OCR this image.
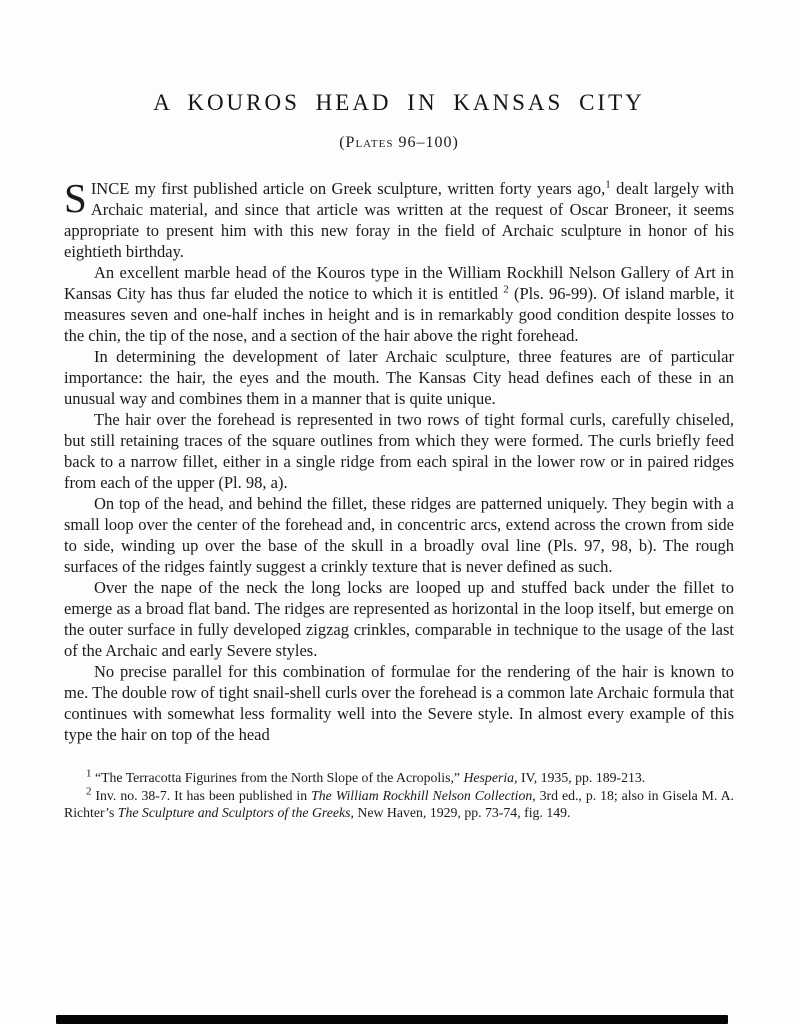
A KOUROS HEAD IN KANSAS CITY
(Plates 96–100)

SINCE my first published article on Greek sculpture, written forty years ago,$^1$ dealt largely with Archaic material, and since that article was written at the request of Oscar Broneer, it seems appropriate to present him with this new foray in the field of Archaic sculpture in honor of his eightieth birthday.

An excellent marble head of the Kouros type in the William Rockhill Nelson Gallery of Art in Kansas City has thus far eluded the notice to which it is entitled $^2$ (Pls. 96-99). Of island marble, it measures seven and one-half inches in height and is in remarkably good condition despite losses to the chin, the tip of the nose, and a section of the hair above the right forehead.

In determining the development of later Archaic sculpture, three features are of particular importance: the hair, the eyes and the mouth. The Kansas City head defines each of these in an unusual way and combines them in a manner that is quite unique.

The hair over the forehead is represented in two rows of tight formal curls, carefully chiseled, but still retaining traces of the square outlines from which they were formed. The curls briefly feed back to a narrow fillet, either in a single ridge from each spiral in the lower row or in paired ridges from each of the upper (Pl. 98, a).

On top of the head, and behind the fillet, these ridges are patterned uniquely. They begin with a small loop over the center of the forehead and, in concentric arcs, extend across the crown from side to side, winding up over the base of the skull in a broadly oval line (Pls. 97, 98, b). The rough surfaces of the ridges faintly suggest a crinkly texture that is never defined as such.

Over the nape of the neck the long locks are looped up and stuffed back under the fillet to emerge as a broad flat band. The ridges are represented as horizontal in the loop itself, but emerge on the outer surface in fully developed zigzag crinkles, comparable in technique to the usage of the last of the Archaic and early Severe styles.

No precise parallel for this combination of formulae for the rendering of the hair is known to me. The double row of tight snail-shell curls over the forehead is a common late Archaic formula that continues with somewhat less formality well into the Severe style. In almost every example of this type the hair on top of the head

$^1$ “The Terracotta Figurines from the North Slope of the Acropolis,” Hesperia, IV, 1935, pp. 189-213.

$^2$ Inv. no. 38-7. It has been published in The William Rockhill Nelson Collection, 3rd ed., p. 18; also in Gisela M. A. Richter’s The Sculpture and Sculptors of the Greeks, New Haven, 1929, pp. 73-74, fig. 149.
